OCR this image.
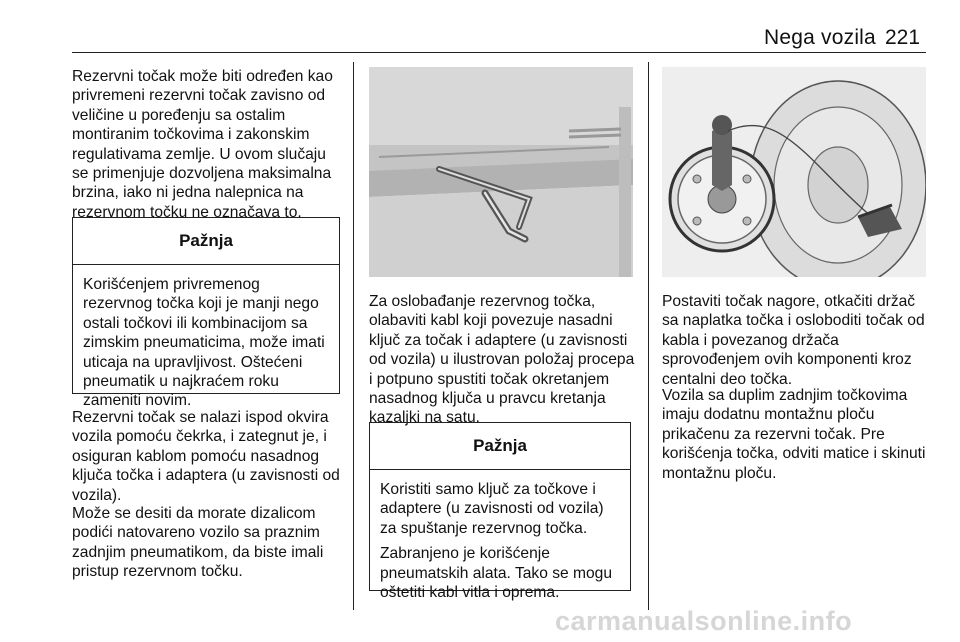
Nega vozila 221

Rezervni točak može biti određen kao privremeni rezervni točak zavisno od veličine u poređenju sa ostalim montiranim točkovima i zakonskim regulativama zemlje. U ovom slučaju se primenjuje dozvoljena maksimalna brzina, iako ni jedna nalepnica na rezervnom točku ne označava to.

Pažnja

Korišćenjem privremenog rezervnog točka koji je manji nego ostali točkovi ili kombinacijom sa zimskim pneumaticima, može imati uticaja na upravljivost. Oštećeni pneumatik u najkraćem roku zameniti novim.

Rezervni točak se nalazi ispod okvira vozila pomoću čekrka, i zategnut je, i osiguran kablom pomoću nasadnog ključa točka i adaptera (u zavisnosti od vozila).

Može se desiti da morate dizalicom podići natovareno vozilo sa praznim zadnjim pneumatikom, da biste imali pristup rezervnom točku.

Za oslobađanje rezervnog točka, olabaviti kabl koji povezuje nasadni ključ za točak i adaptere (u zavisnosti od vozila) u ilustrovan položaj procepa i potpuno spustiti točak okretanjem nasadnog ključa u pravcu kretanja kazaljki na satu.

Pažnja

Koristiti samo ključ za točkove i adaptere (u zavisnosti od vozila) za spuštanje rezervnog točka.

Zabranjeno je korišćenje pneumatskih alata. Tako se mogu oštetiti kabl vitla i oprema.

Postaviti točak nagore, otkačiti držač sa naplatka točka i osloboditi točak od kabla i povezanog držača sprovođenjem ovih komponenti kroz centalni deo točka.

Vozila sa duplim zadnjim točkovima imaju dodatnu montažnu ploču prikačenu za rezervni točak. Pre korišćenja točka, odviti matice i skinuti montažnu ploču.

carmanualsonline.info
